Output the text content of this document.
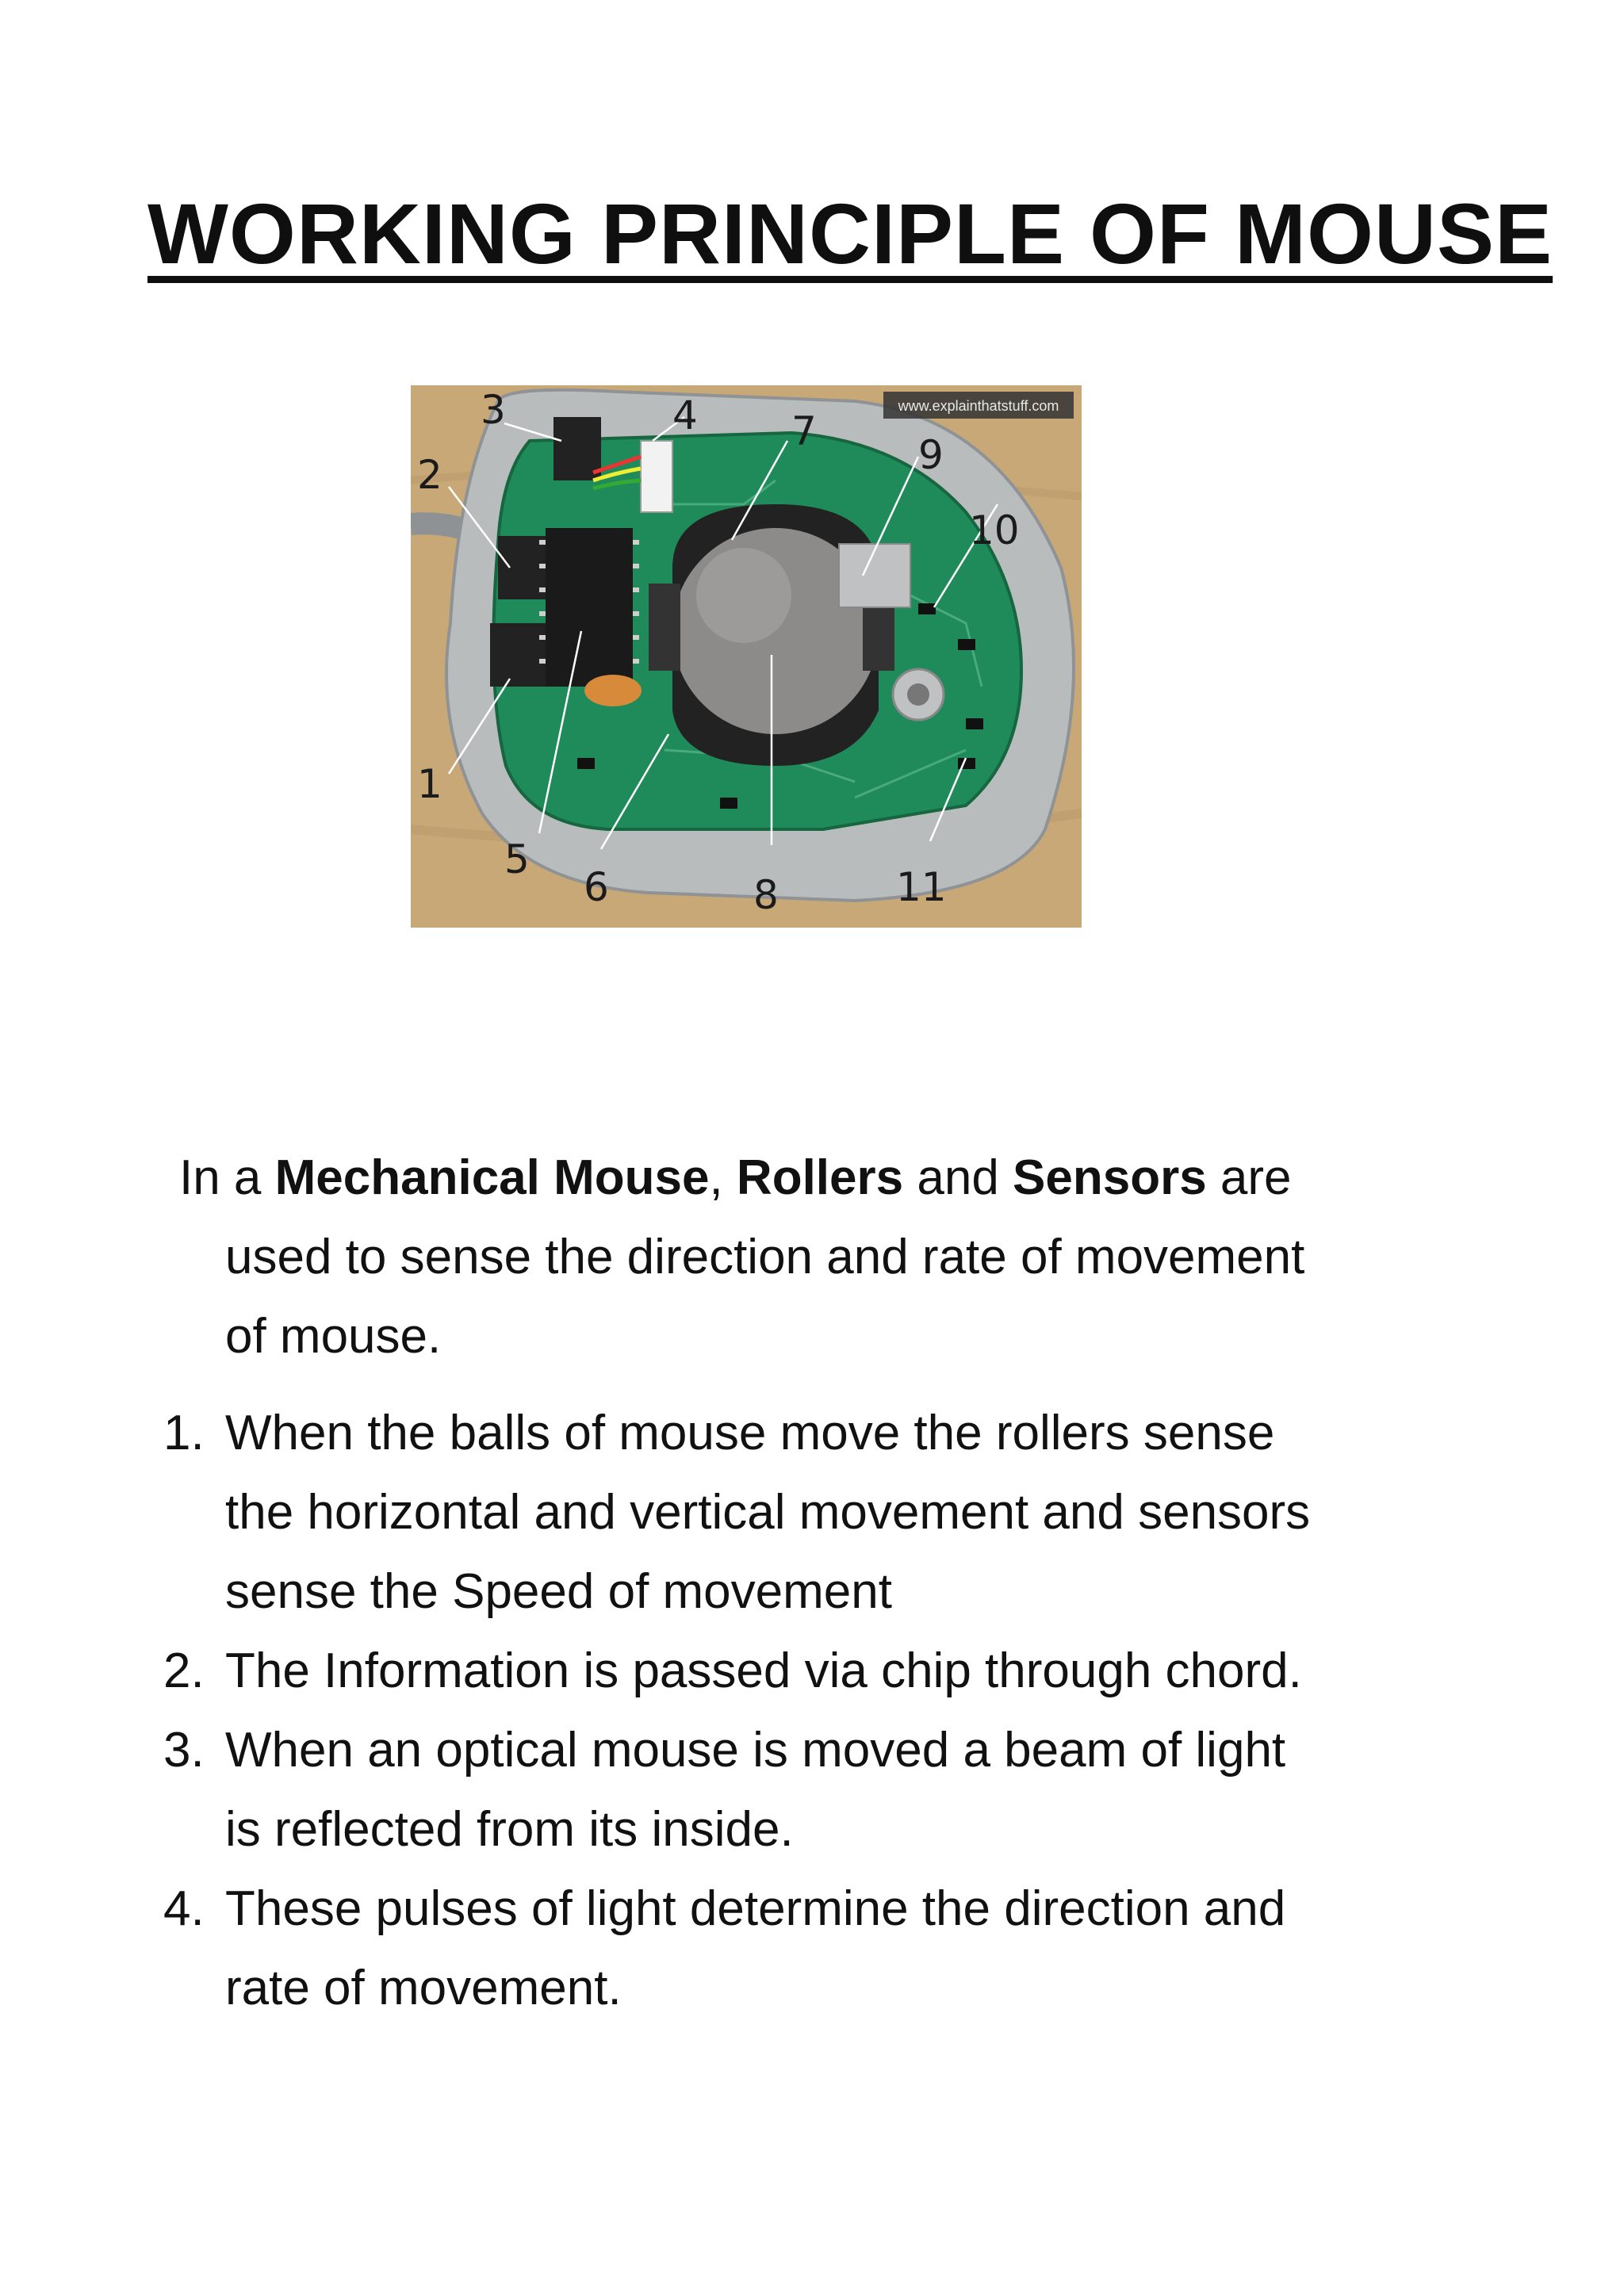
WORKING PRINCIPLE OF MOUSE
www.explainthatstuff.com
1
2
3	4
5
6
7
8
9
10
11
In a Mechanical Mouse, Rollers and Sensors are
used to sense the direction and rate of movement
of mouse.
1. When the balls of mouse move the rollers sense
the horizontal and vertical movement and sensors
sense the Speed of movement
2. The Information is passed via chip through chord.
3. When an optical mouse is moved a beam of light
is reflected from its inside.
4. These pulses of light determine the direction and
rate of movement.
